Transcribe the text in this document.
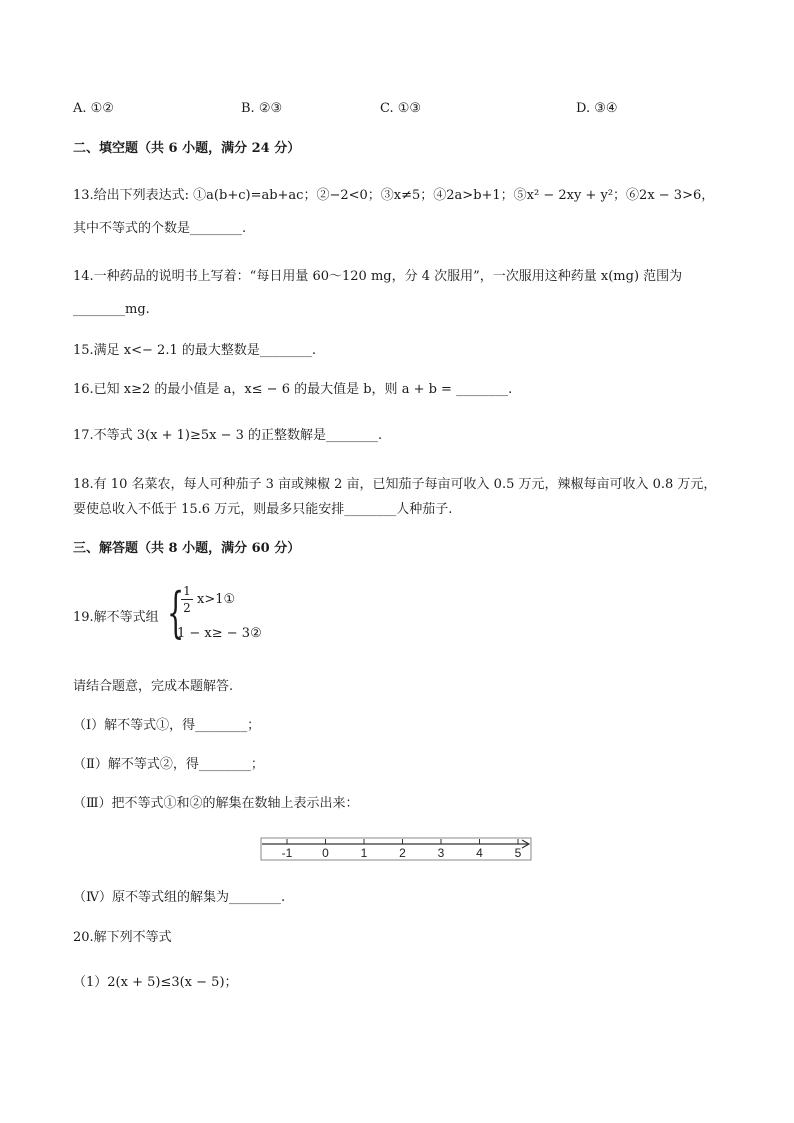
A. ①②	B. ②③	C. ①③	D. ③④
二、填空题（共 6 小题，满分 24 分）
13.给出下列表达式: ①a(b+c)=ab+ac；②−2<0；③x≠5；④2a>b+1；⑤x² − 2xy + y²；⑥2x − 3>6，
其中不等式的个数是________.
14.一种药品的说明书上写着：“每日用量 60～120 mg，分 4 次服用”，一次服用这种药量 x(mg) 范围为
________mg.
15.满足 x<− 2.1 的最大整数是________.
16.已知 x≥2 的最小值是 a，x≤ − 6 的最大值是 b，则 a + b = ________.
17.不等式 3(x + 1)≥5x − 3 的正整数解是________.
18.有 10 名菜农，每人可种茄子 3 亩或辣椒 2 亩，已知茄子每亩可收入 0.5 万元，辣椒每亩可收入 0.8 万元，
要使总收入不低于 15.6 万元，则最多只能安排________人种茄子.
三、解答题（共 8 小题，满分 60 分）
19.解不等式组 {
1
2
x>1①
1 − x≥ − 3②
请结合题意，完成本题解答.
（Ⅰ）解不等式①，得________；
（Ⅱ）解不等式②，得________；
（Ⅲ）把不等式①和②的解集在数轴上表示出来：
-1 0	1	2	3	4	5
（Ⅳ）原不等式组的解集为________.
20.解下列不等式
（1）2(x + 5)≤3(x − 5)；
